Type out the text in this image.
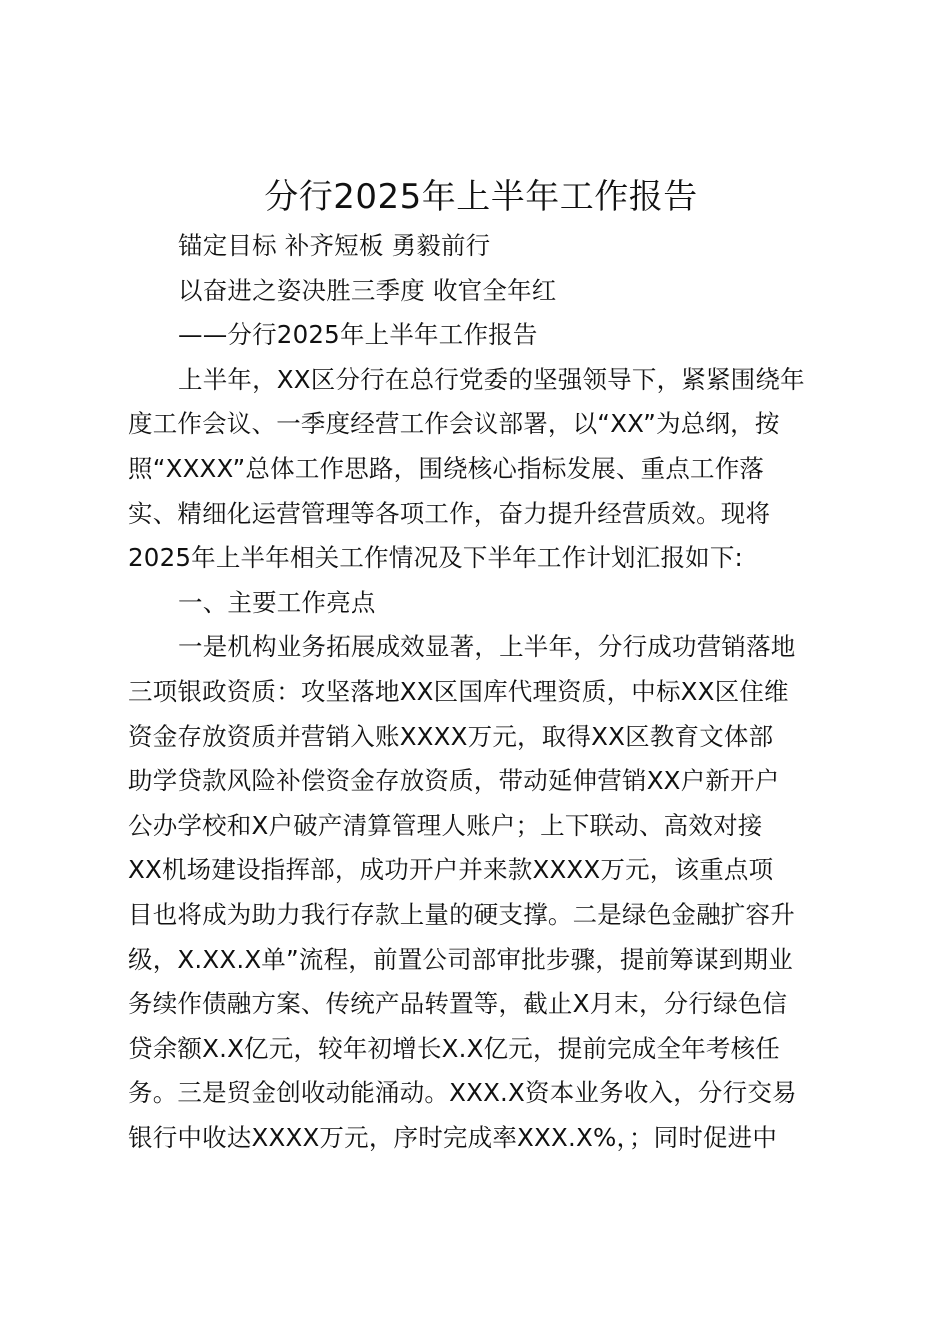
分行2025年上半年工作报告

锚定目标 补齐短板 勇毅前行

以奋进之姿决胜三季度 收官全年红

——分行2025年上半年工作报告

上半年，XX区分行在总行党委的坚强领导下，紧紧围绕年

度工作会议、一季度经营工作会议部署，以“XX”为总纲，按

照“XXXX”总体工作思路，围绕核心指标发展、重点工作落

实、精细化运营管理等各项工作，奋力提升经营质效。现将

2025年上半年相关工作情况及下半年工作计划汇报如下:

一、主要工作亮点

一是机构业务拓展成效显著，上半年，分行成功营销落地

三项银政资质：攻坚落地XX区国库代理资质，中标XX区住维

资金存放资质并营销入账XXXX万元，取得XX区教育文体部

助学贷款风险补偿资金存放资质，带动延伸营销XX户新开户

公办学校和X户破产清算管理人账户；上下联动、高效对接

XX机场建设指挥部，成功开户并来款XXXX万元，该重点项

目也将成为助力我行存款上量的硬支撑。二是绿色金融扩容升

级，X.XX.X单”流程，前置公司部审批步骤，提前筹谋到期业

务续作债融方案、传统产品转置等，截止X月末，分行绿色信

贷余额X.X亿元，较年初增长X.X亿元，提前完成全年考核任

务。三是贸金创收动能涌动。XXX.X资本业务收入，分行交易

银行中收达XXXX万元，序时完成率XXX.X%，；同时促进中
